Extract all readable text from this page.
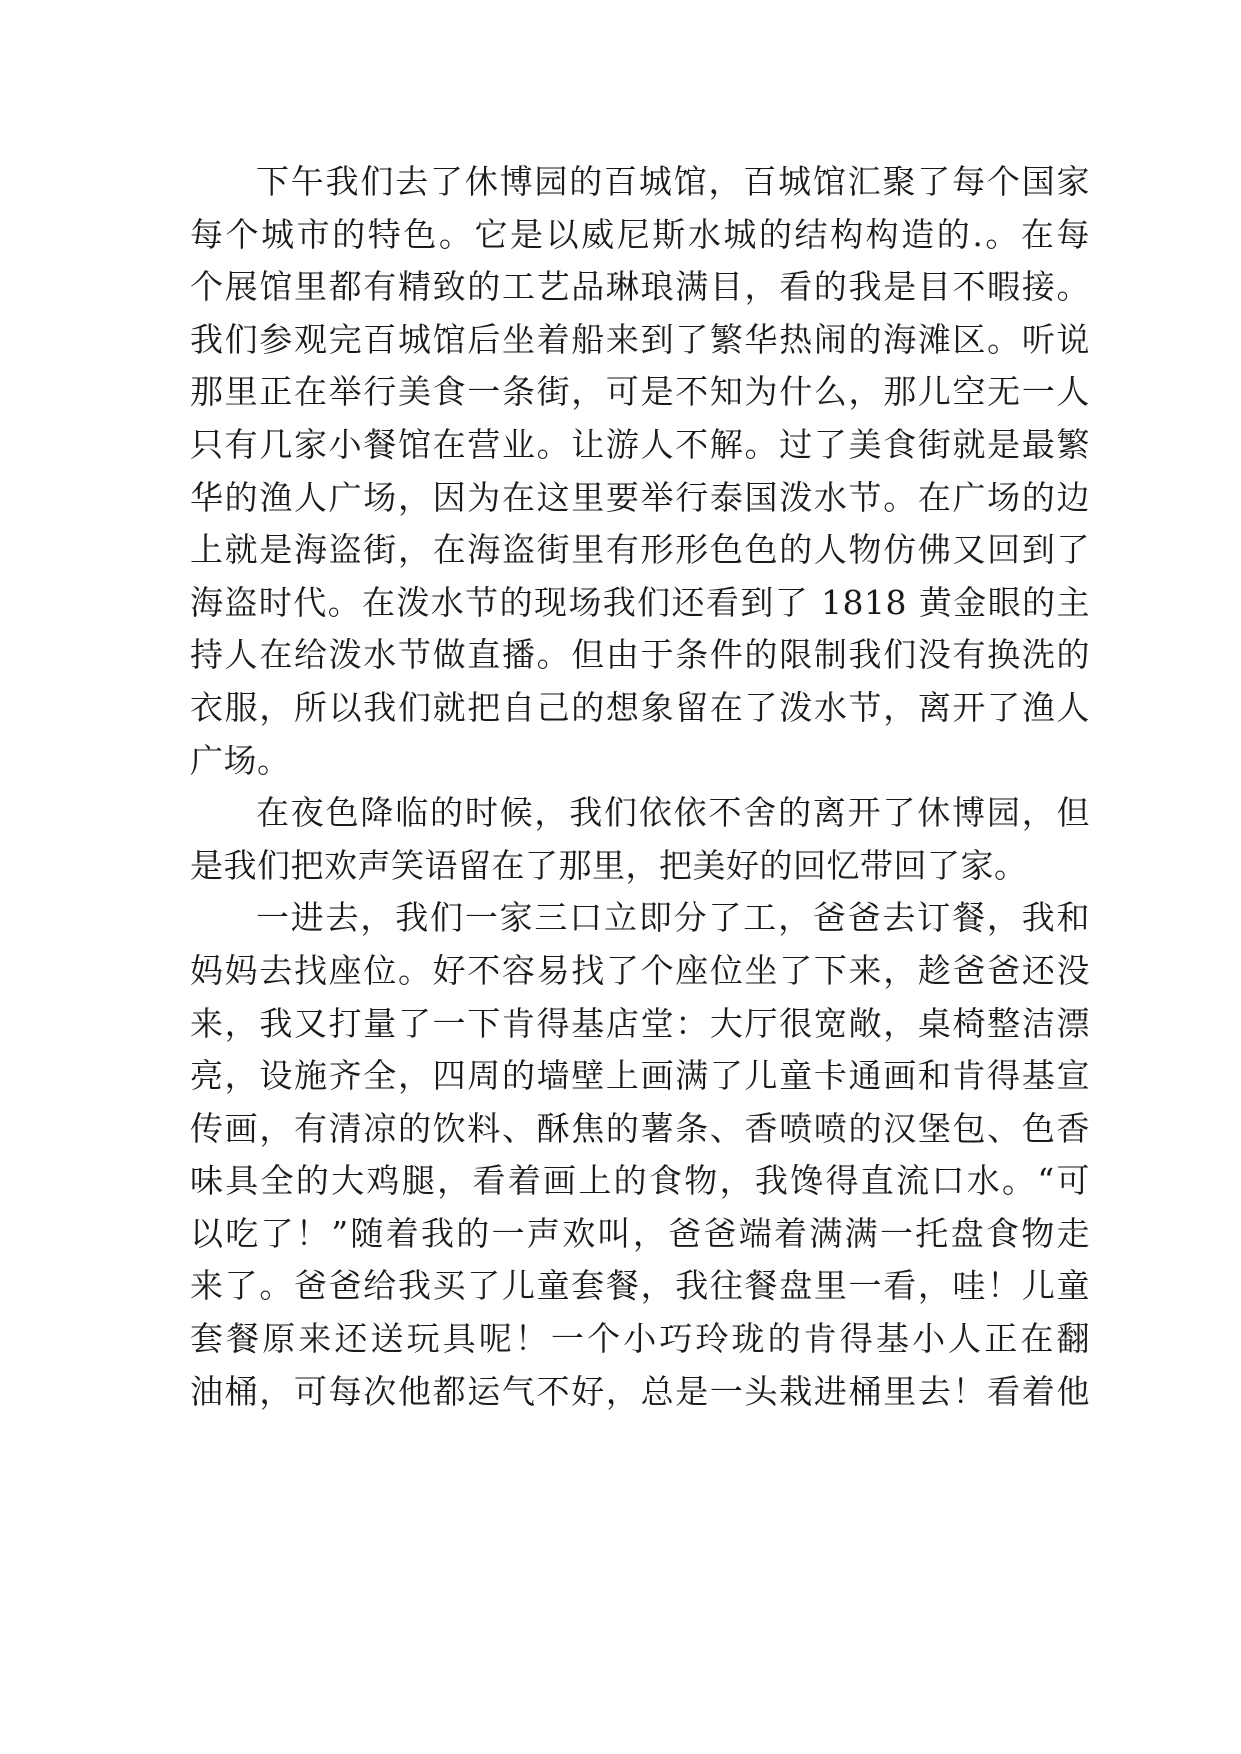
下午我们去了休博园的百城馆，百城馆汇聚了每个国家
每个城市的特色。它是以威尼斯水城的结构构造的.。在每
个展馆里都有精致的工艺品琳琅满目，看的我是目不暇接。
我们参观完百城馆后坐着船来到了繁华热闹的海滩区。听说
那里正在举行美食一条街，可是不知为什么，那儿空无一人
只有几家小餐馆在营业。让游人不解。过了美食街就是最繁
华的渔人广场，因为在这里要举行泰国泼水节。在广场的边
上就是海盗街，在海盗街里有形形色色的人物仿佛又回到了
海盗时代。在泼水节的现场我们还看到了 1818 黄金眼的主
持人在给泼水节做直播。但由于条件的限制我们没有换洗的
衣服，所以我们就把自己的想象留在了泼水节，离开了渔人
广场。
在夜色降临的时候，我们依依不舍的离开了休博园，但
是我们把欢声笑语留在了那里，把美好的回忆带回了家。
一进去，我们一家三口立即分了工，爸爸去订餐，我和
妈妈去找座位。好不容易找了个座位坐了下来，趁爸爸还没
来，我又打量了一下肯得基店堂：大厅很宽敞，桌椅整洁漂
亮，设施齐全，四周的墙壁上画满了儿童卡通画和肯得基宣
传画，有清凉的饮料、酥焦的薯条、香喷喷的汉堡包、色香
味具全的大鸡腿，看着画上的食物，我馋得直流口水。“可
以吃了！”随着我的一声欢叫，爸爸端着满满一托盘食物走
来了。爸爸给我买了儿童套餐，我往餐盘里一看，哇！儿童
套餐原来还送玩具呢！一个小巧玲珑的肯得基小人正在翻
油桶，可每次他都运气不好，总是一头栽进桶里去！看着他
